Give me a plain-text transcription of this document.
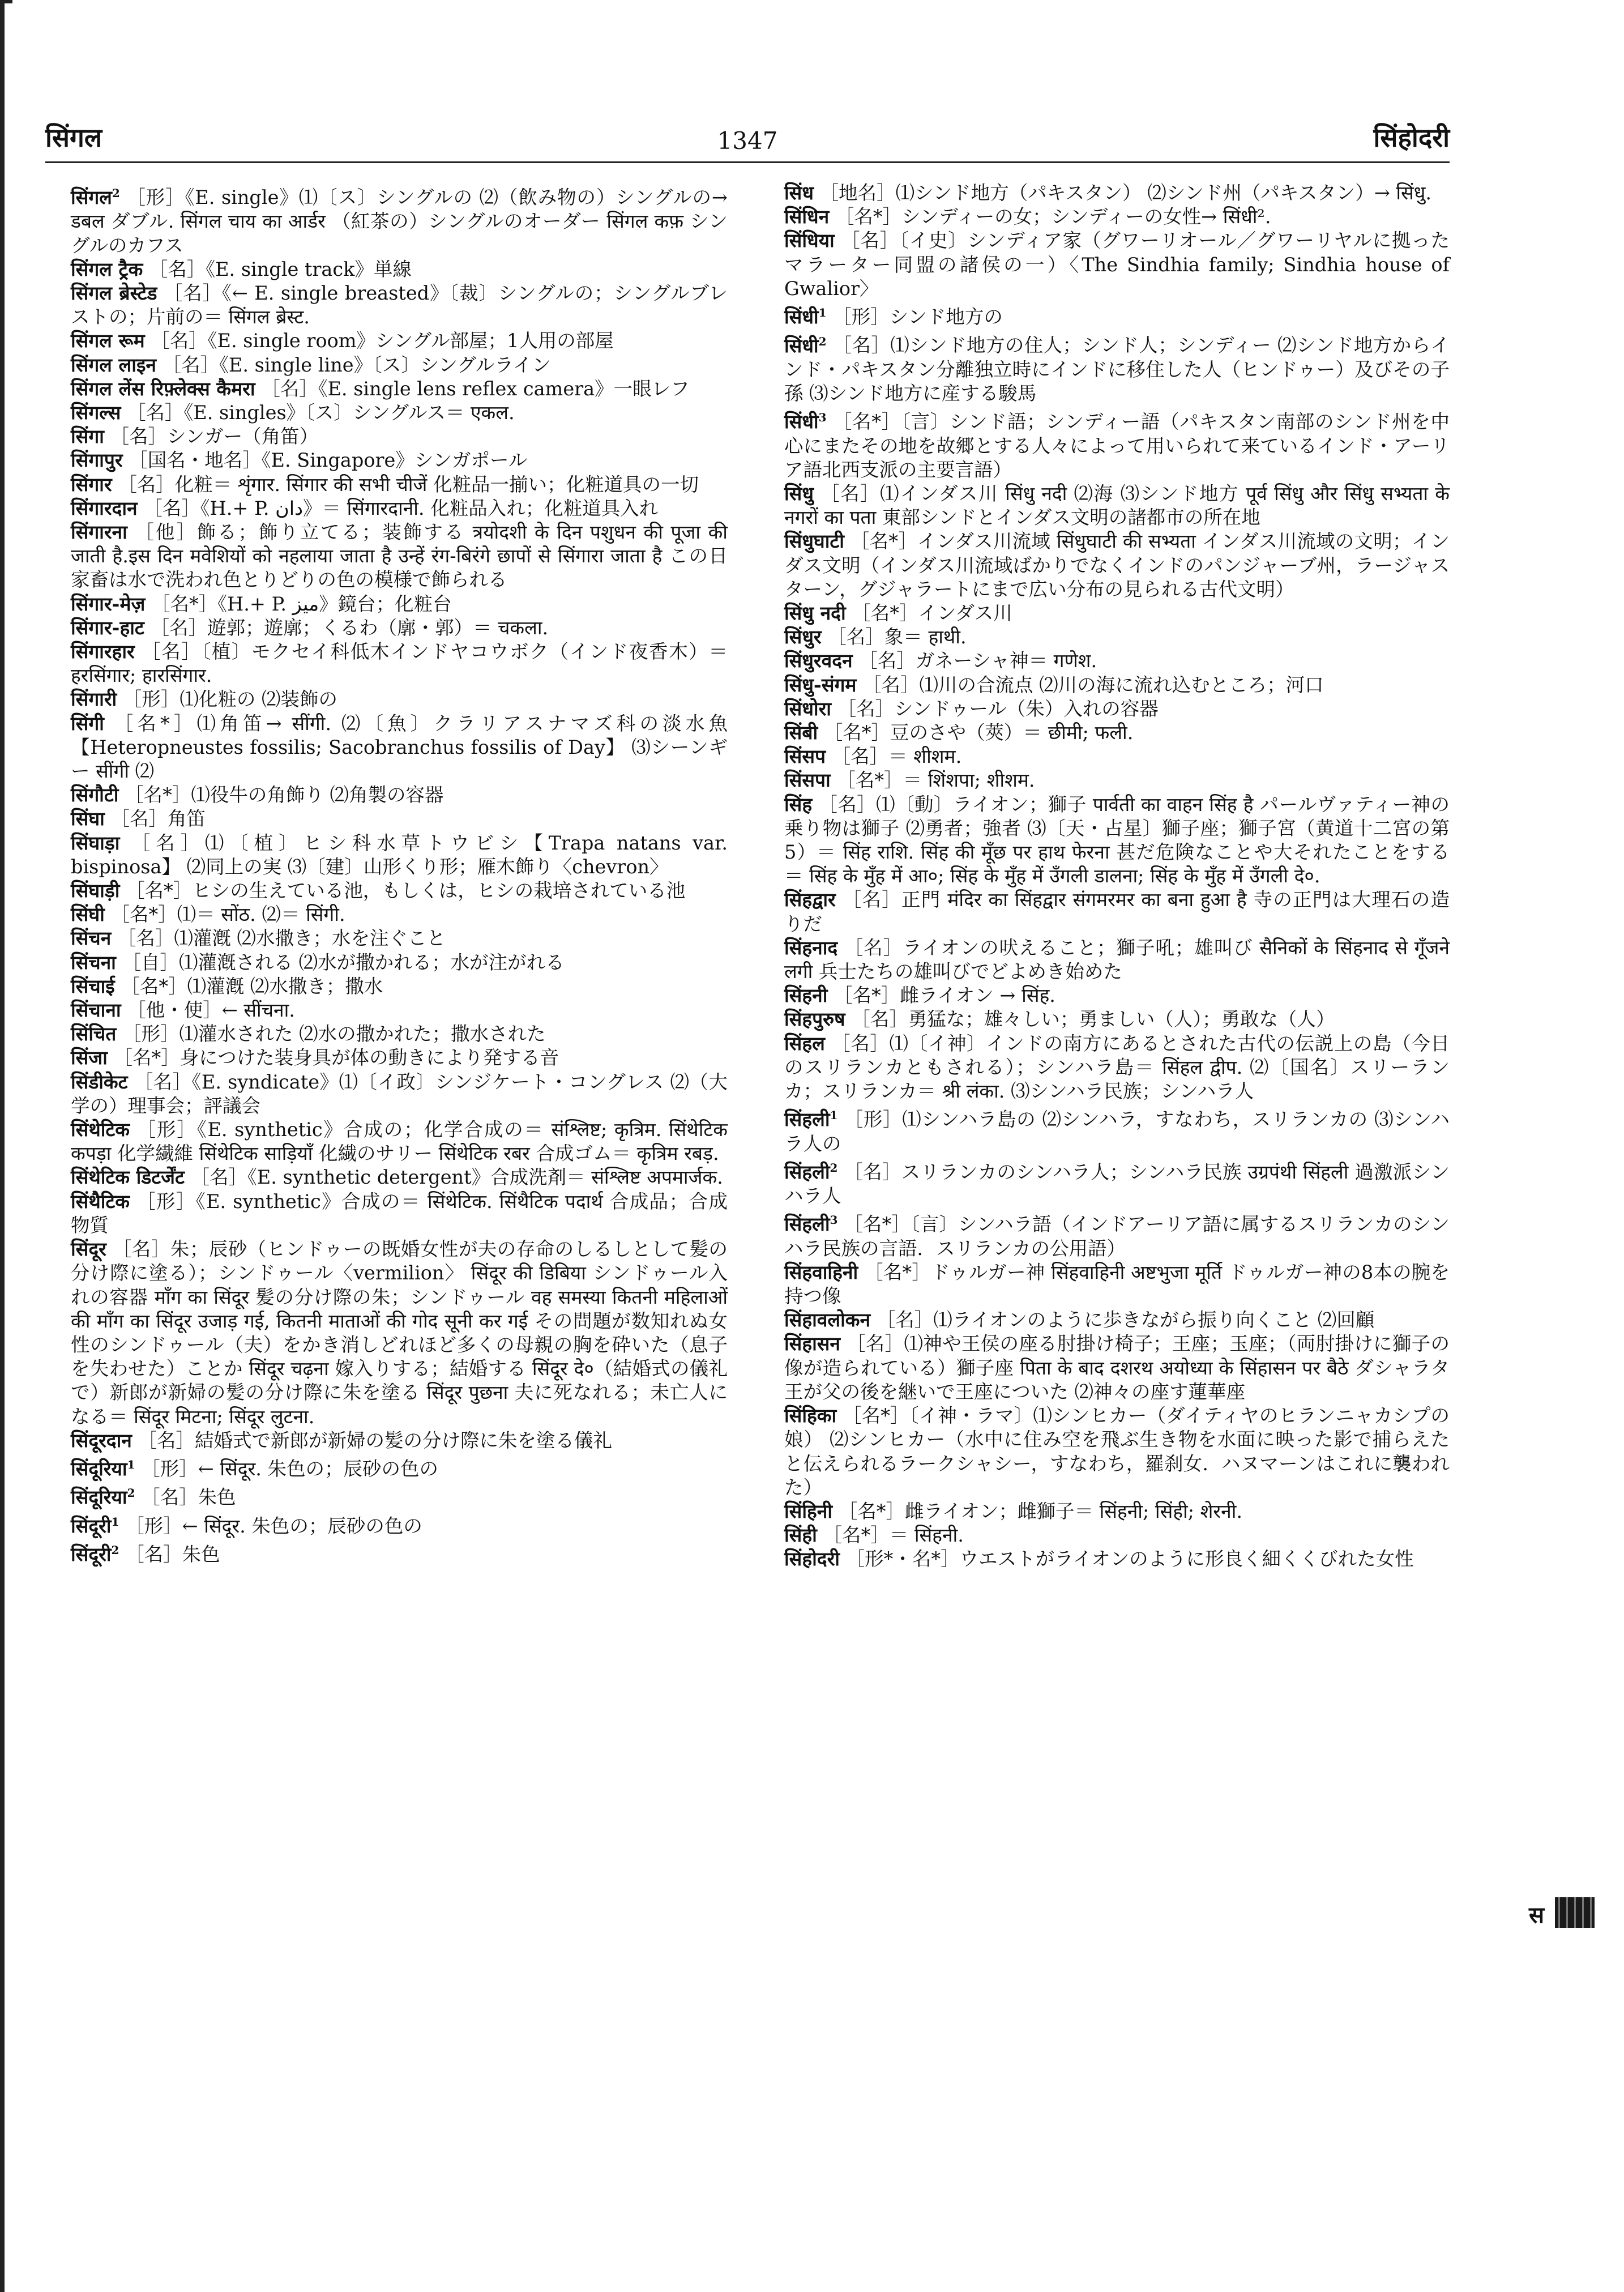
सिंगल	1347	सिंहोदरी

सिंगल$^2$ ［形］《E. single》⑴〔ス〕シングルの ⑵（飲み物の）シングルの→ डबल ダブル. सिंगल चाय का आर्डर （紅茶の）シングルのオーダー सिंगल कफ़ シングルのカフス

सिंगल ट्रैक ［名］《E. single track》単線

सिंगल ब्रेस्टेड ［名］《← E. single breasted》〔裁〕シングルの；シングルブレストの；片前の＝ सिंगल ब्रेस्ट.

सिंगल रूम ［名］《E. single room》シングル部屋；1人用の部屋

सिंगल लाइन ［名］《E. single line》〔ス〕シングルライン

सिंगल लेंस रिफ़्लेक्स कैमरा ［名］《E. single lens reflex camera》一眼レフ

सिंगल्स ［名］《E. singles》〔ス〕シングルス＝ एकल.

सिंगा ［名］シンガー（角笛）

सिंगापुर ［国名・地名］《E. Singapore》シンガポール

सिंगार ［名］化粧＝ शृंगार. सिंगार की सभी चीजें 化粧品一揃い；化粧道具の一切

सिंगारदान ［名］《H.+ P. دان》＝ सिंगारदानी. 化粧品入れ；化粧道具入れ

सिंगारना ［他］飾る；飾り立てる；装飾する त्रयोदशी के दिन पशुधन की पूजा की जाती है.इस दिन मवेशियों को नहलाया जाता है उन्हें रंग-बिरंगे छापों से सिंगारा जाता है この日家畜は水で洗われ色とりどりの色の模様で飾られる

सिंगार-मेज़ ［名*］《H.+ P. میز》鏡台；化粧台

सिंगार-हाट ［名］遊郭；遊廓；くるわ（廓・郭）＝ चकला.

सिंगारहार ［名］〔植〕モクセイ科低木インドヤコウボク（インド夜香木）＝ हरसिंगार; हारसिंगार.

सिंगारी ［形］⑴化粧の ⑵装飾の

सिंगी ［名*］⑴角笛→ सींगी. ⑵〔魚〕クラリアスナマズ科の淡水魚【Heteropneustes fossilis; Sacobranchus fossilis of Day】 ⑶シーンギー सींगी ⑵

सिंगौटी ［名*］⑴役牛の角飾り ⑵角製の容器

सिंघा ［名］角笛

सिंघाड़ा ［名］⑴〔植〕ヒシ科水草トウビシ【Trapa natans var. bispinosa】 ⑵同上の実 ⑶〔建〕山形くり形；雁木飾り〈chevron〉

सिंघाड़ी ［名*］ヒシの生えている池，もしくは，ヒシの栽培されている池

सिंघी ［名*］⑴＝ सोंठ. ⑵＝ सिंगी.

सिंचन ［名］⑴灌漑 ⑵水撒き；水を注ぐこと

सिंचना ［自］⑴灌漑される ⑵水が撒かれる；水が注がれる

सिंचाई ［名*］⑴灌漑 ⑵水撒き；撒水

सिंचाना ［他・使］← सींचना.

सिंचित ［形］⑴灌水された ⑵水の撒かれた；撒水された

सिंजा ［名*］身につけた装身具が体の動きにより発する音

सिंडीकेट ［名］《E. syndicate》⑴〔イ政〕シンジケート・コングレス ⑵（大学の）理事会；評議会

सिंथेटिक ［形］《E. synthetic》合成の；化学合成の＝ संश्लिष्ट; कृत्रिम. सिंथेटिक कपड़ा 化学繊維 सिंथेटिक साड़ियाँ 化繊のサリー सिंथेटिक रबर 合成ゴム＝ कृत्रिम रबड़.

सिंथेटिक डिटर्जेंट ［名］《E. synthetic detergent》合成洗剤＝ संश्लिष्ट अपमार्जक.

सिंथैटिक ［形］《E. synthetic》合成の＝ सिंथेटिक. सिंथैटिक पदार्थ 合成品；合成物質

सिंदूर ［名］朱；辰砂（ヒンドゥーの既婚女性が夫の存命のしるしとして髪の分け際に塗る）；シンドゥール〈vermilion〉 सिंदूर की डिबिया シンドゥール入れの容器 माँग का सिंदूर 髪の分け際の朱；シンドゥール वह समस्या कितनी महिलाओं की माँग का सिंदूर उजाड़ गई, कितनी माताओं की गोद सूनी कर गई その問題が数知れぬ女性のシンドゥール（夫）をかき消しどれほど多くの母親の胸を砕いた（息子を失わせた）ことか सिंदूर चढ़ना 嫁入りする；結婚する सिंदूर दे०（結婚式の儀礼で）新郎が新婦の髪の分け際に朱を塗る सिंदूर पुछना 夫に死なれる；未亡人になる＝ सिंदूर मिटना; सिंदूर लुटना.

सिंदूरदान ［名］結婚式で新郎が新婦の髪の分け際に朱を塗る儀礼

सिंदूरिया$^1$ ［形］← सिंदूर. 朱色の；辰砂の色の

सिंदूरिया$^2$ ［名］朱色

सिंदूरी$^1$ ［形］← सिंदूर. 朱色の；辰砂の色の

सिंदूरी$^2$ ［名］朱色

सिंध ［地名］⑴シンド地方（パキスタン） ⑵シンド州（パキスタン）→ सिंधु.

सिंधिन ［名*］シンディーの女；シンディーの女性→ सिंधी².

सिंधिया ［名］〔イ史〕シンディア家（グワーリオール／グワーリヤルに拠ったマラーター同盟の諸侯の一）〈The Sindhia family; Sindhia house of Gwalior〉

सिंधी$^1$ ［形］シンド地方の

सिंधी$^2$ ［名］⑴シンド地方の住人；シンド人；シンディー ⑵シンド地方からインド・パキスタン分離独立時にインドに移住した人（ヒンドゥー）及びその子孫 ⑶シンド地方に産する駿馬

सिंधी$^3$ ［名*］〔言〕シンド語；シンディー語（パキスタン南部のシンド州を中心にまたその地を故郷とする人々によって用いられて来ているインド・アーリア語北西支派の主要言語）

सिंधु ［名］⑴インダス川 सिंधु नदी ⑵海 ⑶シンド地方 पूर्व सिंधु और सिंधु सभ्यता के नगरों का पता 東部シンドとインダス文明の諸都市の所在地

सिंधुघाटी ［名*］インダス川流域 सिंधुघाटी की सभ्यता インダス川流域の文明；インダス文明（インダス川流域ばかりでなくインドのパンジャーブ州，ラージャスターン，グジャラートにまで広い分布の見られる古代文明）

सिंधु नदी ［名*］インダス川

सिंधुर ［名］象＝ हाथी.

सिंधुरवदन ［名］ガネーシャ神＝ गणेश.

सिंधु-संगम ［名］⑴川の合流点 ⑵川の海に流れ込むところ；河口

सिंधोरा ［名］シンドゥール（朱）入れの容器

सिंबी ［名*］豆のさや（莢）＝ छीमी; फली.

सिंसप ［名］＝ शीशम.

सिंसपा ［名*］＝ शिंशपा; शीशम.

सिंह ［名］⑴〔動〕ライオン；獅子 पार्वती का वाहन सिंह है パールヴァティー神の乗り物は獅子 ⑵勇者；強者 ⑶〔天・占星〕獅子座；獅子宮（黄道十二宮の第5）＝ सिंह राशि. सिंह की मूँछ पर हाथ फेरना 甚だ危険なことや大それたことをする＝ सिंह के मुँह में आ०; सिंह के मुँह में उँगली डालना; सिंह के मुँह में उँगली दे०.

सिंहद्वार ［名］正門 मंदिर का सिंहद्वार संगमरमर का बना हुआ है 寺の正門は大理石の造りだ

सिंहनाद ［名］ライオンの吠えること；獅子吼；雄叫び सैनिकों के सिंहनाद से गूँजने लगी 兵士たちの雄叫びでどよめき始めた

सिंहनी ［名*］雌ライオン → सिंह.

सिंहपुरुष ［名］勇猛な；雄々しい；勇ましい（人）；勇敢な（人）

सिंहल ［名］⑴〔イ神〕インドの南方にあるとされた古代の伝説上の島（今日のスリランカともされる）；シンハラ島＝ सिंहल द्वीप. ⑵〔国名〕スリーランカ；スリランカ＝ श्री लंका. ⑶シンハラ民族；シンハラ人

सिंहली$^1$ ［形］⑴シンハラ島の ⑵シンハラ，すなわち，スリランカの ⑶シンハラ人の

सिंहली$^2$ ［名］スリランカのシンハラ人；シンハラ民族 उग्रपंथी सिंहली 過激派シンハラ人

सिंहली$^3$ ［名*］〔言〕シンハラ語（インドアーリア語に属するスリランカのシンハラ民族の言語．スリランカの公用語）

सिंहवाहिनी ［名*］ドゥルガー神 सिंहवाहिनी अष्टभुजा मूर्ति ドゥルガー神の8本の腕を持つ像

सिंहावलोकन ［名］⑴ライオンのように歩きながら振り向くこと ⑵回顧

सिंहासन ［名］⑴神や王侯の座る肘掛け椅子；王座；玉座；（両肘掛けに獅子の像が造られている）獅子座 पिता के बाद दशरथ अयोध्या के सिंहासन पर बैठे ダシャラタ王が父の後を継いで王座についた ⑵神々の座す蓮華座

सिंहिका ［名*］〔イ神・ラマ〕⑴シンヒカー（ダイティヤのヒランニャカシプの娘） ⑵シンヒカー（水中に住み空を飛ぶ生き物を水面に映った影で捕らえたと伝えられるラークシャシー，すなわち，羅刹女．ハヌマーンはこれに襲われた）

सिंहिनी ［名*］雌ライオン；雌獅子＝ सिंहनी; सिंही; शेरनी.

सिंही ［名*］＝ सिंहनी.

सिंहोदरी ［形*・名*］ウエストがライオンのように形良く細くくびれた女性

स
